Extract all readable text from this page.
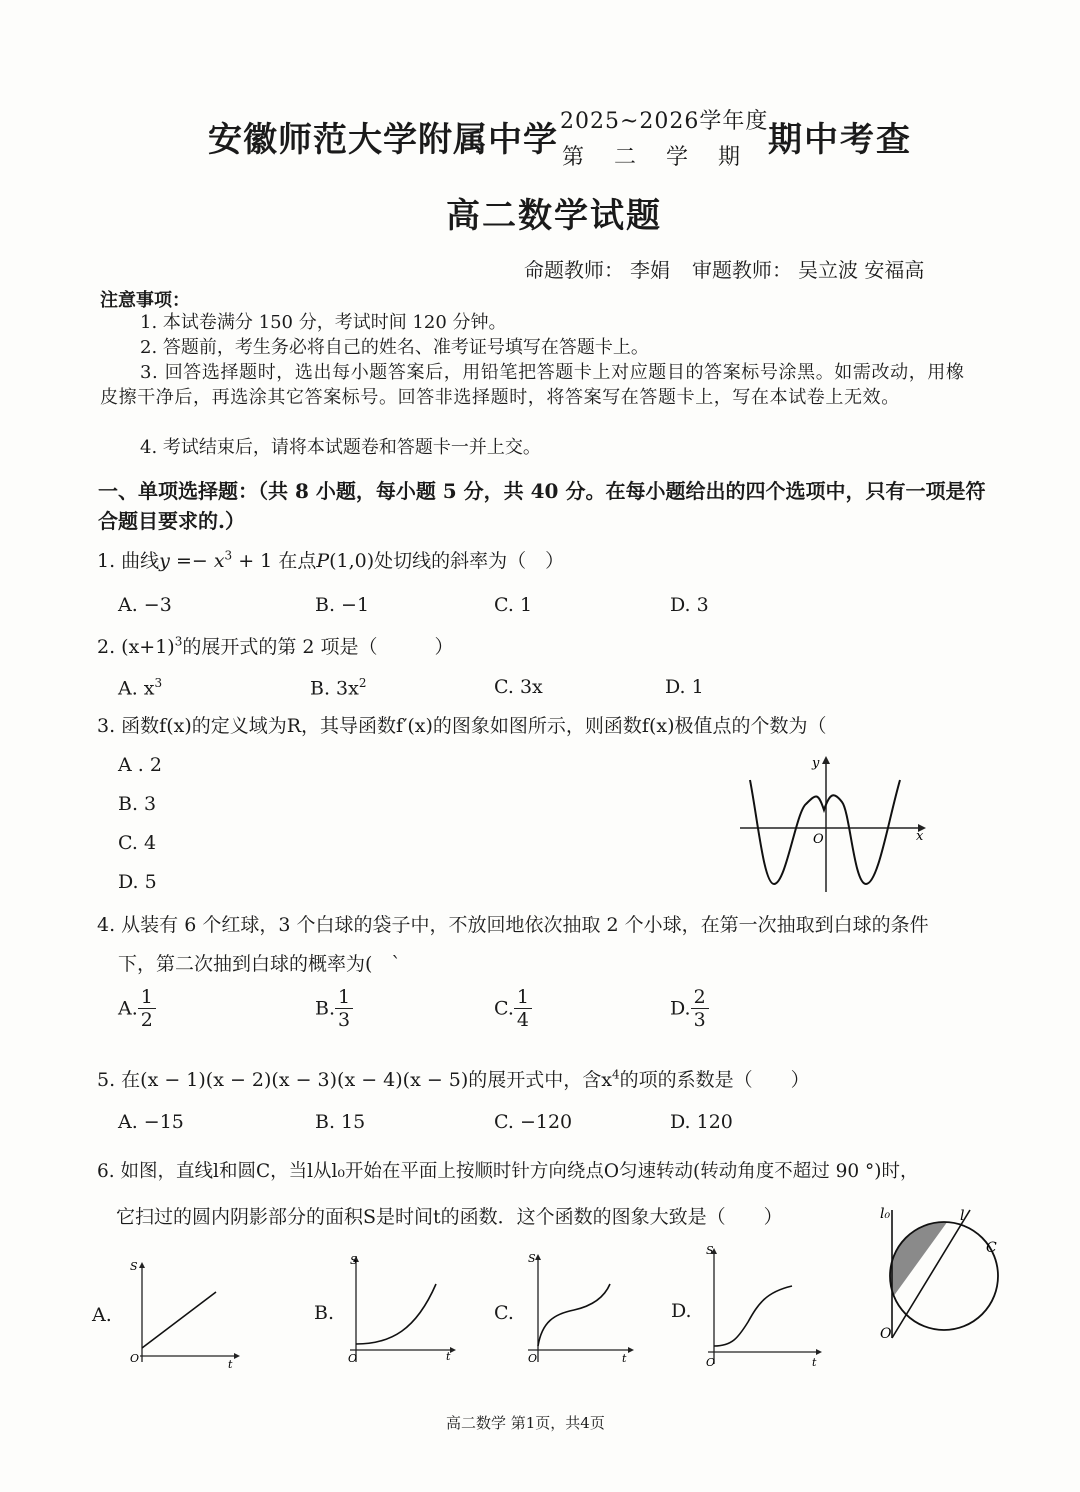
安徽师范大学附属中学 2025~2026学年度
第二学期
期中考查
高二数学试题
命题教师： 李娟 审题教师： 吴立波 安福高
注意事项：
1. 本试卷满分 150 分，考试时间 120 分钟。
2. 答题前，考生务必将自己的姓名、准考证号填写在答题卡上。
3. 回答选择题时，选出每小题答案后，用铅笔把答题卡上对应题目的答案标号涂黑。如需改动，用橡皮擦干净后，再选涂其它答案标号。回答非选择题时，将答案写在答题卡上，写在本试卷上无效。
4. 考试结束后，请将本试题卷和答题卡一并上交。
一、单项选择题：（共 8 小题，每小题 5 分，共 40 分。在每小题给出的四个选项中，只有一项是符合题目要求的.）
1. 曲线$y =- x^3 + 1$ 在点P(1,0)处切线的斜率为（　）
A. −3	B. −1	C. 1	D. 3
2. $(x+1)^3$的展开式的第 2 项是（　　　）
A. $x^3$	B. $3x^2$	C. 3x	D. 1
3. 函数f(x)的定义域为R，其导函数f′(x)的图象如图所示，则函数f(x)极值点的个数为（
A . 2
B. 3
C. 4
D. 5
y
x
O
4. 从装有 6 个红球，3 个白球的袋子中，不放回地依次抽取 2 个小球，在第一次抽取到白球的条件
下，第二次抽到白球的概率为(　`
A. $\frac{1}{2}$	B. $\frac{1}{3}$	C. $\frac{1}{4}$	D. $\frac{2}{3}$
5. 在(x − 1)(x − 2)(x − 3)(x − 4)(x − 5)的展开式中，含$x^4$的项的系数是（　　）
A. −15	B. 15	C. −120	D. 120
6. 如图，直线l和圆C，当l从l₀开始在平面上按顺时针方向绕点O匀速转动(转动角度不超过 90 °)时，
它扫过的圆内阴影部分的面积S是时间t的函数．这个函数的图象大致是（　　）
A.	B.	C.	D.
S
t
O
S
t
O
S
t
O
S
t
O
l₀	l
C
O
高二数学 第1页，共4页
